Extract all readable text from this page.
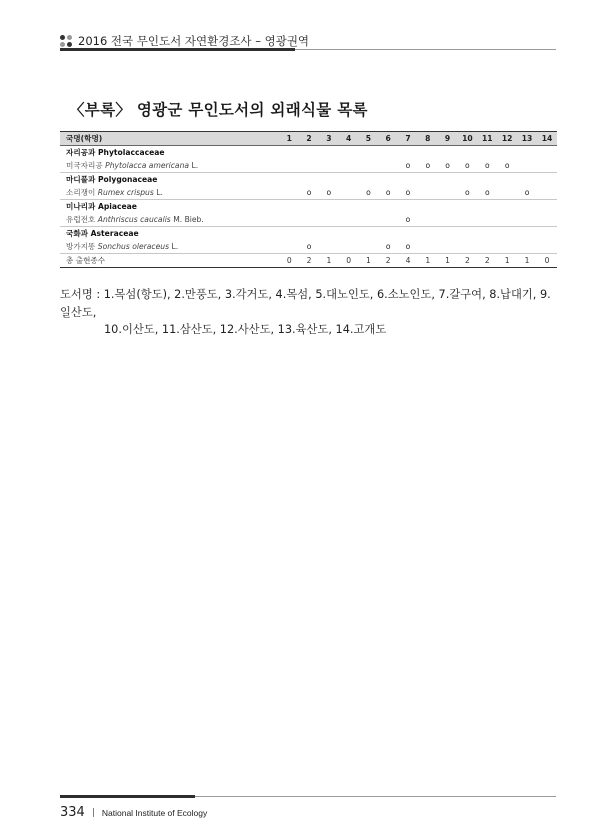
2016 전국 무인도서 자연환경조사 – 영광권역
〈부록〉 영광군 무인도서의 외래식물 목록
국명(학명)	1	2	3	4	5	6	7	8	9	10	11	12	13	14
자리공과 Phytolaccaceae														
미국자리공 Phytolacca americana L.							o	o	o	o	o	o		
마디풀과 Polygonaceae														
소리쟁이 Rumex crispus L.		o	o		o	o	o			o	o		o	
미나리과 Apiaceae														
유럽전호 Anthriscus caucalis M. Bieb.							o							
국화과 Asteraceae														
방가지똥 Sonchus oleraceus L.		o				o	o							
총 출현종수	0	2	1	0	1	2	4	1	1	2	2	1	1	0
도서명 : 1.목섬(항도), 2.만풍도, 3.각거도, 4.목섬, 5.대노인도, 6.소노인도, 7.갈구여, 8.납대기, 9.일산도,
10.이산도, 11.삼산도, 12.사산도, 13.육산도, 14.고개도
334 | National Institute of Ecology
